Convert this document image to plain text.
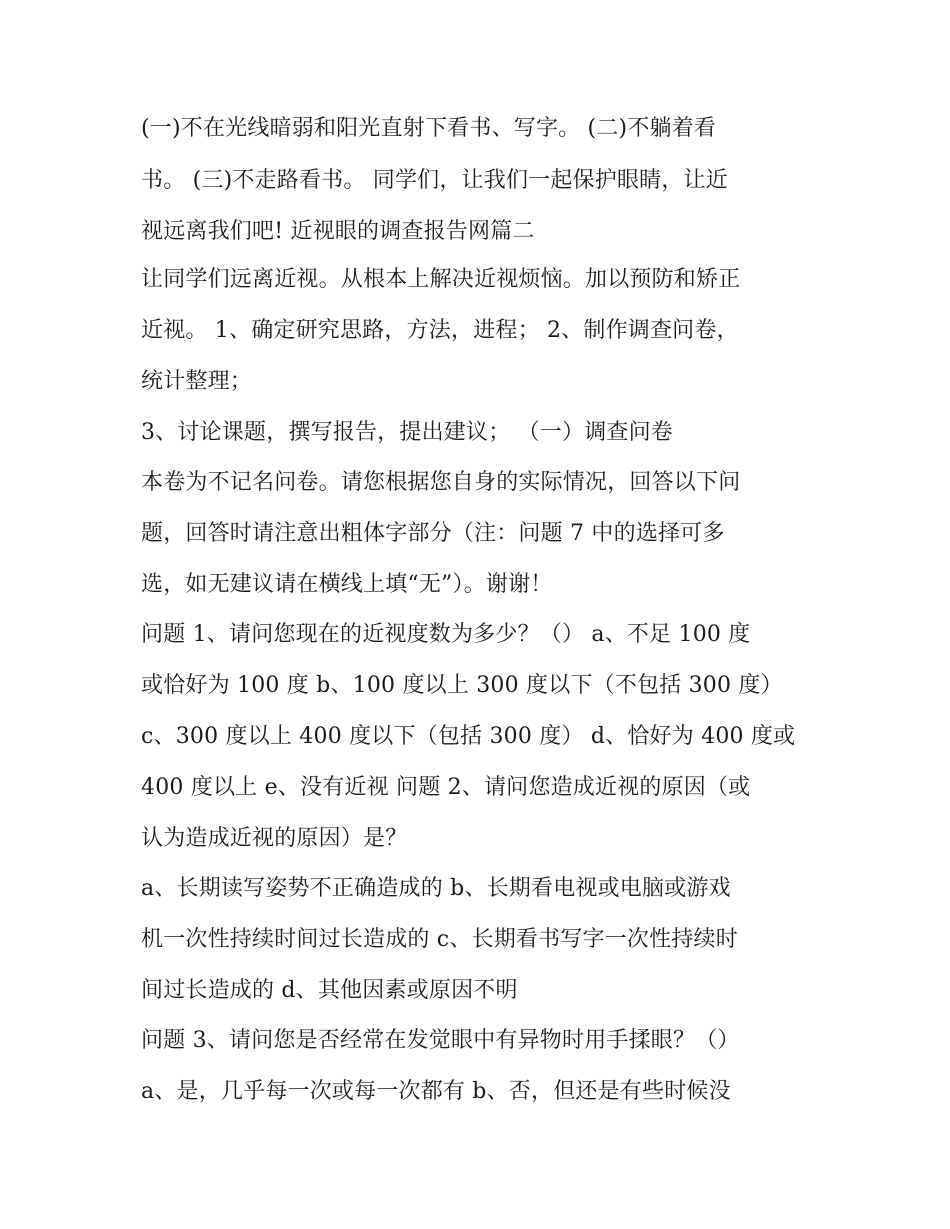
(一)不在光线暗弱和阳光直射下看书、写字。 (二)不躺着看
书。 (三)不走路看书。 同学们，让我们一起保护眼睛，让近
视远离我们吧! 近视眼的调查报告网篇二
让同学们远离近视。从根本上解决近视烦恼。加以预防和矫正
近视。 1、确定研究思路，方法，进程； 2、制作调查问卷，
统计整理；
3、讨论课题，撰写报告，提出建议； （一）调查问卷
本卷为不记名问卷。请您根据您自身的实际情况，回答以下问
题，回答时请注意出粗体字部分（注：问题 7 中的选择可多
选，如无建议请在横线上填“无”）。谢谢！
问题 1、请问您现在的近视度数为多少？（） a、不足 100 度
或恰好为 100 度 b、100 度以上 300 度以下（不包括 300 度）
c、300 度以上 400 度以下（包括 300 度） d、恰好为 400 度或
400 度以上 e、没有近视 问题 2、请问您造成近视的原因（或
认为造成近视的原因）是？
a、长期读写姿势不正确造成的 b、长期看电视或电脑或游戏
机一次性持续时间过长造成的 c、长期看书写字一次性持续时
间过长造成的 d、其他因素或原因不明
问题 3、请问您是否经常在发觉眼中有异物时用手揉眼？（）
a、是，几乎每一次或每一次都有 b、否，但还是有些时候没
